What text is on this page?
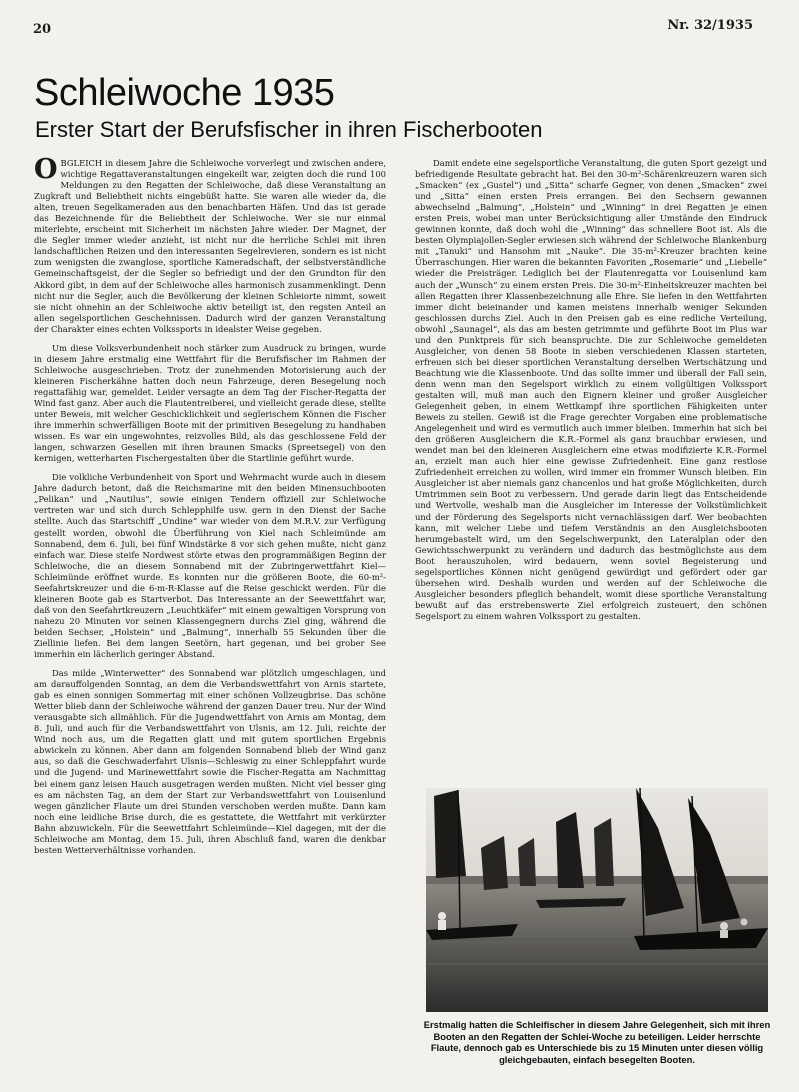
20	Nr. 32/1935
Schleiwoche 1935
Erster Start der Berufsfischer in ihren Fischerbooten

OBGLEICH in diesem Jahre die Schleiwoche vorverlegt und zwischen andere, wichtige Regattaveranstaltungen eingekeilt war, zeigten doch die rund 100 Meldungen zu den Regatten der Schleiwoche, daß diese Veranstaltung an Zugkraft und Beliebtheit nichts eingebüßt hatte. Sie waren alle wieder da, die alten, treuen Segelkameraden aus den benachbarten Häfen. Und das ist gerade das Bezeichnende für die Beliebtheit der Schleiwoche. Wer sie nur einmal miterlebte, erscheint mit Sicherheit im nächsten Jahre wieder. Der Magnet, der die Segler immer wieder anzieht, ist nicht nur die herrliche Schlei mit ihren landschaftlichen Reizen und den interessanten Segelrevieren, sondern es ist nicht zum wenigsten die zwanglose, sportliche Kameradschaft, der selbstverständliche Gemeinschaftsgeist, der die Segler so befriedigt und der den Grundton für den Akkord gibt, in dem auf der Schleiwoche alles harmonisch zusammenklingt. Denn nicht nur die Segler, auch die Bevölkerung der kleinen Schleiorte nimmt, soweit sie nicht ohnehin an der Schleiwoche aktiv beteiligt ist, den regsten Anteil an allen segelsportlichen Geschehnissen. Dadurch wird der ganzen Veranstaltung der Charakter eines echten Volkssports in idealster Weise gegeben.

Um diese Volksverbundenheit noch stärker zum Ausdruck zu bringen, wurde in diesem Jahre erstmalig eine Wettfahrt für die Berufsfischer im Rahmen der Schleiwoche ausgeschrieben. Trotz der zunehmenden Motorisierung auch der kleineren Fischerkähne hatten doch neun Fahrzeuge, deren Besegelung noch regattafähig war, gemeldet. Leider versagte an dem Tag der Fischer-Regatta der Wind fast ganz. Aber auch die Flautentreiberei, und vielleicht gerade diese, stellte unter Beweis, mit welcher Geschicklichkeit und seglerischem Können die Fischer ihre immerhin schwerfälligen Boote mit der primitiven Besegelung zu handhaben wissen. Es war ein ungewohntes, reizvolles Bild, als das geschlossene Feld der langen, schwarzen Gesellen mit ihren braunen Smacks (Spreetsegel) von den kernigen, wetterharten Fischergestalten über die Startlinie geführt wurde.

Die volkliche Verbundenheit von Sport und Wehrmacht wurde auch in diesem Jahre dadurch betont, daß die Reichsmarine mit den beiden Minensuchbooten „Pelikan“ und „Nautilus“, sowie einigen Tendern offiziell zur Schleiwoche vertreten war und sich durch Schlepphilfe usw. gern in den Dienst der Sache stellte. Auch das Startschiff „Undine“ war wieder von dem M.R.V. zur Verfügung gestellt worden, obwohl die Überführung von Kiel nach Schleimünde am Sonnabend, dem 6. Juli, bei fünf Windstärke 8 vor sich gehen mußte, nicht ganz einfach war. Diese steife Nordwest störte etwas den programmäßigen Beginn der Schleiwoche, die an diesem Sonnabend mit der Zubringerwettfahrt Kiel—Schleimünde eröffnet wurde. Es konnten nur die größeren Boote, die 60-m²-Seefahrtskreuzer und die 6-m-R-Klasse auf die Reise geschickt werden. Für die kleineren Boote gab es Startverbot. Das Interessante an der Seewettfahrt war, daß von den Seefahrtkreuzern „Leuchtkäfer“ mit einem gewaltigen Vorsprung von nahezu 20 Minuten vor seinen Klassengegnern durchs Ziel ging, während die beiden Sechser, „Holstein“ und „Balmung“, innerhalb 55 Sekunden über die Ziellinie liefen. Bei dem langen Seetörn, hart gegenan, und bei grober See immerhin ein lächerlich geringer Abstand.

Das milde „Winterwetter“ des Sonnabend war plötzlich umgeschlagen, und am darauffolgenden Sonntag, an dem die Verbandswettfahrt von Arnis startete, gab es einen sonnigen Sommertag mit einer schönen Vollzeugbrise. Das schöne Wetter blieb dann der Schleiwoche während der ganzen Dauer treu. Nur der Wind verausgabte sich allmählich. Für die Jugendwettfahrt von Arnis am Montag, dem 8. Juli, und auch für die Verbandswettfahrt von Ulsnis, am 12. Juli, reichte der Wind noch aus, um die Regatten glatt und mit gutem sportlichen Ergebnis abwickeln zu können. Aber dann am folgenden Sonnabend blieb der Wind ganz aus, so daß die Geschwaderfahrt Ulsnis—Schleswig zu einer Schleppfahrt wurde und die Jugend- und Marinewettfahrt sowie die Fischer-Regatta am Nachmittag bei einem ganz leisen Hauch ausgetragen werden mußten. Nicht viel besser ging es am nächsten Tag, an dem der Start zur Verbandswettfahrt von Louisenlund wegen gänzlicher Flaute um drei Stunden verschoben werden mußte. Dann kam noch eine leidliche Brise durch, die es gestattete, die Wettfahrt mit verkürzter Bahn abzuwickeln. Für die Seewettfahrt Schleimünde—Kiel dagegen, mit der die Schleiwoche am Montag, dem 15. Juli, ihren Abschluß fand, waren die denkbar besten Wetterverhältnisse vorhanden.

Damit endete eine segelsportliche Veranstaltung, die guten Sport gezeigt und befriedigende Resultate gebracht hat. Bei den 30-m²-Schärenkreuzern waren sich „Smacken“ (ex „Gustel“) und „Sitta“ scharfe Gegner, von denen „Smacken“ zwei und „Sitta“ einen ersten Preis errangen. Bei den Sechsern gewannen abwechselnd „Balmung“, „Holstein“ und „Winning“ in drei Regatten je einen ersten Preis, wobei man unter Berücksichtigung aller Umstände den Eindruck gewinnen konnte, daß doch wohl die „Winning“ das schnellere Boot ist. Als die besten Olympiajollen-Segler erwiesen sich während der Schleiwoche Blankenburg mit „Tanuki“ und Hansohm mit „Nauke“. Die 35-m²-Kreuzer brachten keine Überraschungen. Hier waren die bekannten Favoriten „Rosemarie“ und „Liebelle“ wieder die Preisträger. Lediglich bei der Flautenregatta vor Louisenlund kam auch der „Wunsch“ zu einem ersten Preis. Die 30-m²-Einheitskreuzer machten bei allen Regatten ihrer Klassenbezeichnung alle Ehre. Sie liefen in den Wettfahrten immer dicht beieinander und kamen meistens innerhalb weniger Sekunden geschlossen durchs Ziel. Auch in den Preisen gab es eine redliche Verteilung, obwohl „Saunagel“, als das am besten getrimmte und geführte Boot im Plus war und den Punktpreis für sich beanspruchte. Die zur Schleiwoche gemeldeten Ausgleicher, von denen 58 Boote in sieben verschiedenen Klassen starteten, erfreuen sich bei dieser sportlichen Veranstaltung derselben Wertschätzung und Beachtung wie die Klassenboote. Und das sollte immer und überall der Fall sein, denn wenn man den Segelsport wirklich zu einem vollgültigen Volkssport gestalten will, muß man auch den Eignern kleiner und großer Ausgleicher Gelegenheit geben, in einem Wettkampf ihre sportlichen Fähigkeiten unter Beweis zu stellen. Gewiß ist die Frage gerechter Vorgaben eine problematische Angelegenheit und wird es vermutlich auch immer bleiben. Immerhin hat sich bei den größeren Ausgleichern die K.R.-Formel als ganz brauchbar erwiesen, und wendet man bei den kleineren Ausgleichern eine etwas modifizierte K.R.-Formel an, erzielt man auch hier eine gewisse Zufriedenheit. Eine ganz restlose Zufriedenheit erreichen zu wollen, wird immer ein frommer Wunsch bleiben. Ein Ausgleicher ist aber niemals ganz chancenlos und hat große Möglichkeiten, durch Umtrimmen sein Boot zu verbessern. Und gerade darin liegt das Entscheidende und Wertvolle, weshalb man die Ausgleicher im Interesse der Volkstümlichkeit und der Förderung des Segelsports nicht vernachlässigen darf. Wer beobachten kann, mit welcher Liebe und tiefem Verständnis an den Ausgleichsbooten herumgebastelt wird, um den Segelschwerpunkt, den Lateralplan oder den Gewichtsschwerpunkt zu verändern und dadurch das bestmöglichste aus dem Boot herauszuholen, wird bedauern, wenn soviel Begeisterung und segelsportliches Können nicht genügend gewürdigt und gefördert oder gar übersehen wird. Deshalb wurden und werden auf der Schleiwoche die Ausgleicher besonders pfleglich behandelt, womit diese sportliche Veranstaltung bewußt auf das erstrebenswerte Ziel erfolgreich zusteuert, den schönen Segelsport zu einem wahren Volkssport zu gestalten.

Erstmalig hatten die Schleifischer in diesem Jahre Gelegenheit, sich mit ihren Booten an den Regatten der Schlei-Woche zu beteiligen. Leider herrschte Flaute, dennoch gab es Unterschiede bis zu 15 Minuten unter diesen völlig gleichgebauten, einfach besegelten Booten.
